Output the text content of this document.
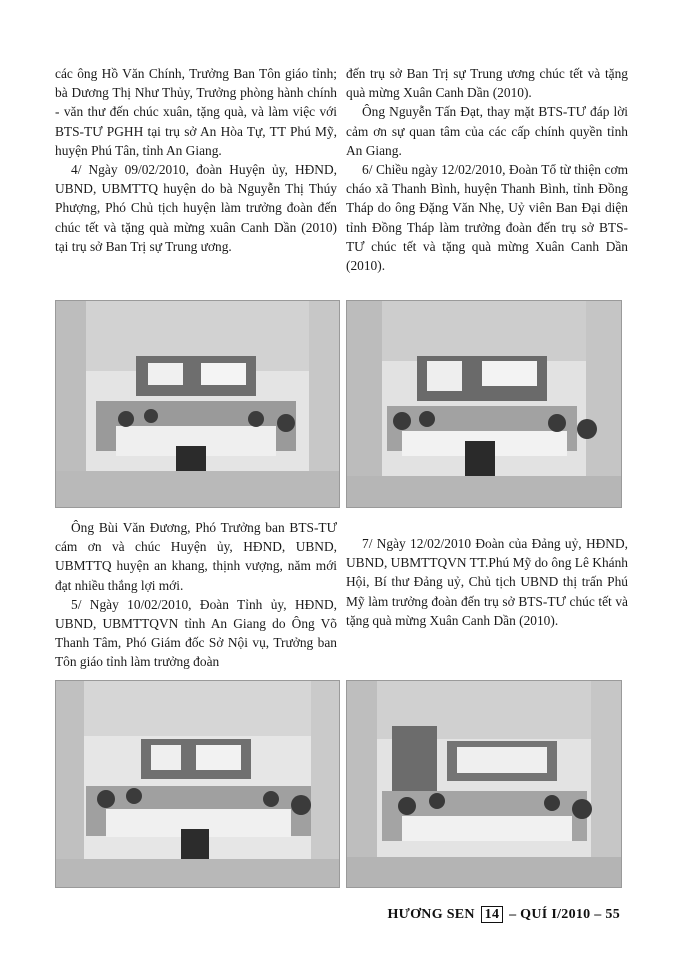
các ông Hồ Văn Chính, Trưởng Ban Tôn giáo tỉnh; bà Dương Thị Như Thủy, Trưởng phòng hành chính - văn thư đến chúc xuân, tặng quà, và làm việc với BTS-TƯ PGHH tại trụ sở An Hòa Tự, TT Phú Mỹ, huyện Phú Tân, tỉnh An Giang.

4/ Ngày 09/02/2010, đoàn Huyện ủy, HĐND, UBND, UBMTTQ huyện do bà Nguyễn Thị Thúy Phượng, Phó Chủ tịch huyện làm trưởng đoàn đến chúc tết và tặng quà mừng xuân Canh Dần (2010) tại trụ sở Ban Trị sự Trung ương.

đến trụ sở Ban Trị sự Trung ương chúc tết và tặng quà mừng Xuân Canh Dần (2010).

Ông Nguyễn Tấn Đạt, thay mặt BTS-TƯ đáp lời cảm ơn sự quan tâm của các cấp chính quyền tỉnh An Giang.

6/ Chiều ngày 12/02/2010, Đoàn Tổ từ thiện cơm cháo xã Thanh Bình, huyện Thanh Bình, tỉnh Đồng Tháp do ông Đặng Văn Nhẹ, Uỷ viên Ban Đại diện tỉnh Đồng Tháp làm trưởng đoàn đến trụ sở BTS-TƯ chúc tết và tặng quà mừng Xuân Canh Dần (2010).

Ông Bùi Văn Đương, Phó Trưởng ban BTS-TƯ cám ơn và chúc Huyện ủy, HĐND, UBND, UBMTTQ huyện an khang, thịnh vượng, năm mới đạt nhiều thắng lợi mới.

5/ Ngày 10/02/2010, Đoàn Tỉnh ủy, HĐND, UBND, UBMTTQVN tỉnh An Giang do Ông Võ Thanh Tâm, Phó Giám đốc Sở Nội vụ, Trưởng ban Tôn giáo tỉnh làm trưởng đoàn

7/ Ngày 12/02/2010 Đoàn của Đảng uỷ, HĐND, UBND, UBMTTQVN TT.Phú Mỹ do ông Lê Khánh Hội, Bí thư Đảng uỷ, Chủ tịch UBND thị trấn Phú Mỹ làm trưởng đoàn đến trụ sở BTS-TƯ chúc tết và tặng quà mừng Xuân Canh Dần (2010).

HƯƠNG SEN 14 – QUÍ I/2010 – 55
